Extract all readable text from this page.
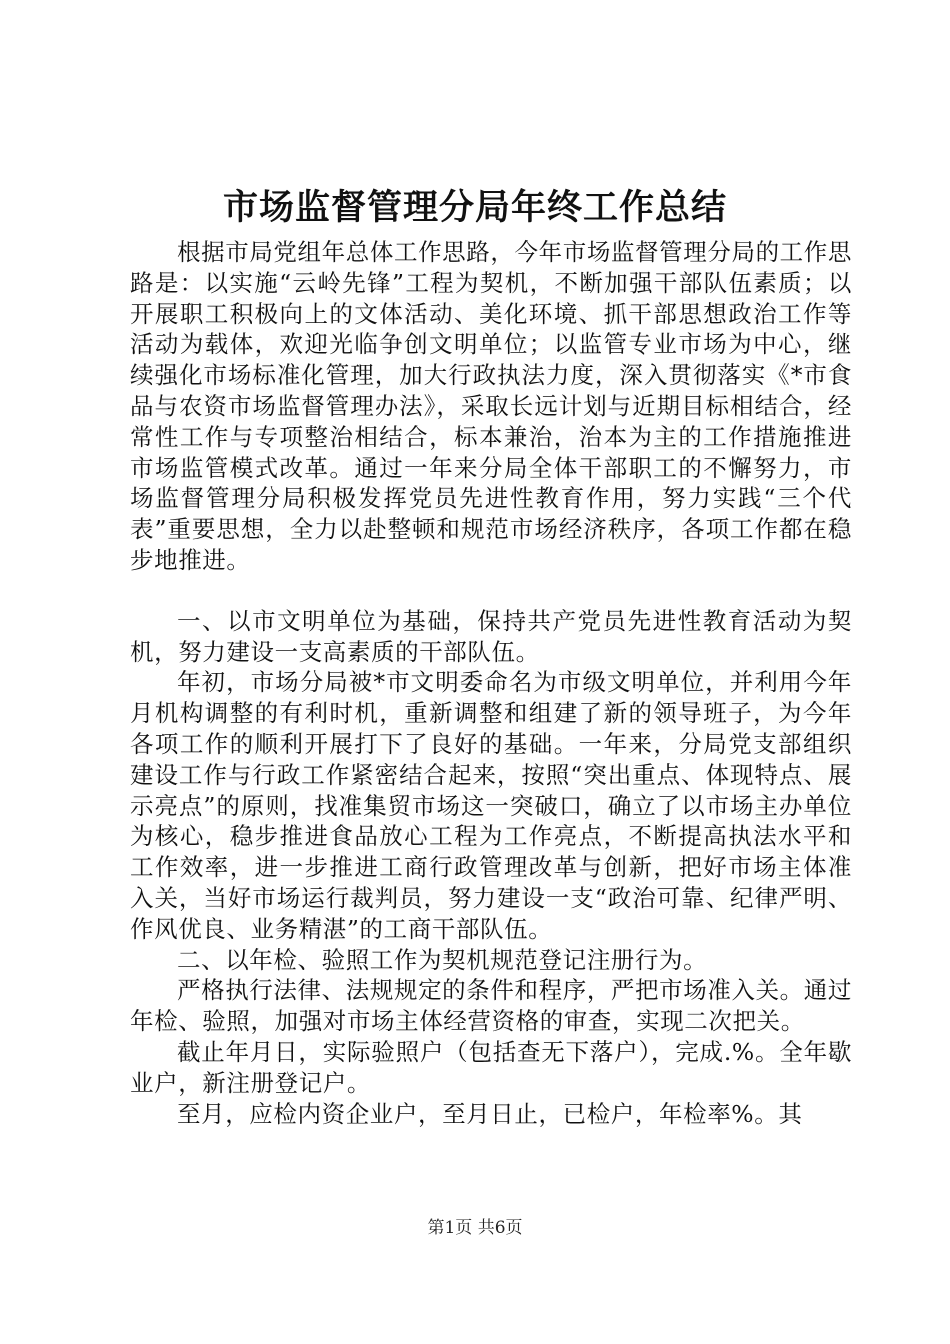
市场监督管理分局年终工作总结

根据市局党组年总体工作思路，今年市场监督管理分局的工作思路是：以实施“云岭先锋”工程为契机，不断加强干部队伍素质；以开展职工积极向上的文体活动、美化环境、抓干部思想政治工作等活动为载体，欢迎光临争创文明单位；以监管专业市场为中心，继续强化市场标准化管理，加大行政执法力度，深入贯彻落实《*市食品与农资市场监督管理办法》，采取长远计划与近期目标相结合，经常性工作与专项整治相结合，标本兼治，治本为主的工作措施推进市场监管模式改革。通过一年来分局全体干部职工的不懈努力，市场监督管理分局积极发挥党员先进性教育作用，努力实践“三个代表”重要思想，全力以赴整顿和规范市场经济秩序，各项工作都在稳步地推进。

一、以市文明单位为基础，保持共产党员先进性教育活动为契机，努力建设一支高素质的干部队伍。

年初，市场分局被*市文明委命名为市级文明单位，并利用今年月机构调整的有利时机，重新调整和组建了新的领导班子，为今年各项工作的顺利开展打下了良好的基础。一年来，分局党支部组织建设工作与行政工作紧密结合起来，按照“突出重点、体现特点、展示亮点”的原则，找准集贸市场这一突破口，确立了以市场主办单位为核心，稳步推进食品放心工程为工作亮点，不断提高执法水平和工作效率，进一步推进工商行政管理改革与创新，把好市场主体准入关，当好市场运行裁判员，努力建设一支“政治可靠、纪律严明、作风优良、业务精湛”的工商干部队伍。

二、以年检、验照工作为契机规范登记注册行为。

严格执行法律、法规规定的条件和程序，严把市场准入关。通过年检、验照，加强对市场主体经营资格的审查，实现二次把关。

截止年月日，实际验照户（包括查无下落户），完成.%。全年歇业户，新注册登记户。

至月，应检内资企业户，至月日止，已检户，年检率%。其

第1页 共6页
